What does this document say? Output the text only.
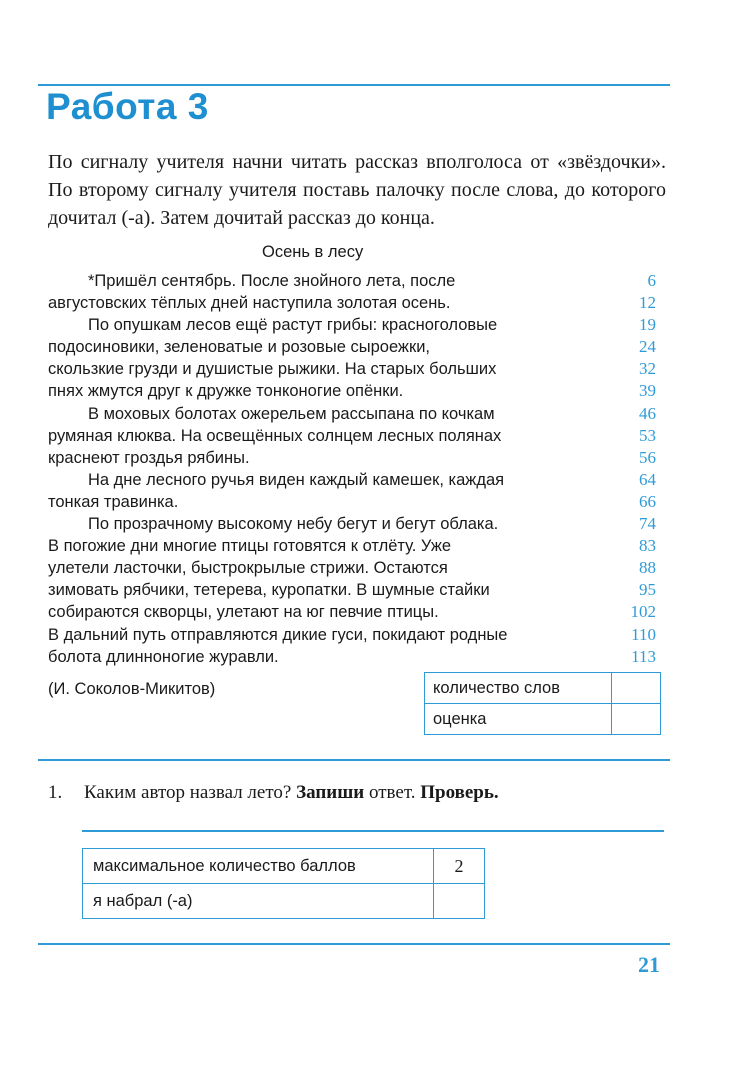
Работа 3

По сигналу учителя начни читать рассказ вполголоса от «звёздочки». По второму сигналу учителя поставь палочку после слова, до которого дочитал (-а). Затем дочитай рассказ до конца.

Осень в лесу

*Пришёл сентябрь. После знойного лета, после	6
августовских тёплых дней наступила золотая осень.	12
По опушкам лесов ещё растут грибы: красноголовые	19
подосиновики, зеленоватые и розовые сыроежки,	24
скользкие грузди и душистые рыжики. На старых больших	32
пнях жмутся друг к дружке тонконогие опёнки.	39
В моховых болотах ожерельем рассыпана по кочкам	46
румяная клюква. На освещённых солнцем лесных полянах	53
краснеют гроздья рябины.	56
На дне лесного ручья виден каждый камешек, каждая	64
тонкая травинка.	66
По прозрачному высокому небу бегут и бегут облака.	74
В погожие дни многие птицы готовятся к отлёту. Уже	83
улетели ласточки, быстрокрылые стрижи. Остаются	88
зимовать рябчики, тетерева, куропатки. В шумные стайки	95
собираются скворцы, улетают на юг певчие птицы.	102
В дальний путь отправляются дикие гуси, покидают родные	110
болота длинноногие журавли.	113

(И. Соколов-Микитов)	количество слов	
оценка	

1. Каким автор назвал лето? Запиши ответ. Проверь.

максимальное количество баллов	2
я набрал (-а)	

21
